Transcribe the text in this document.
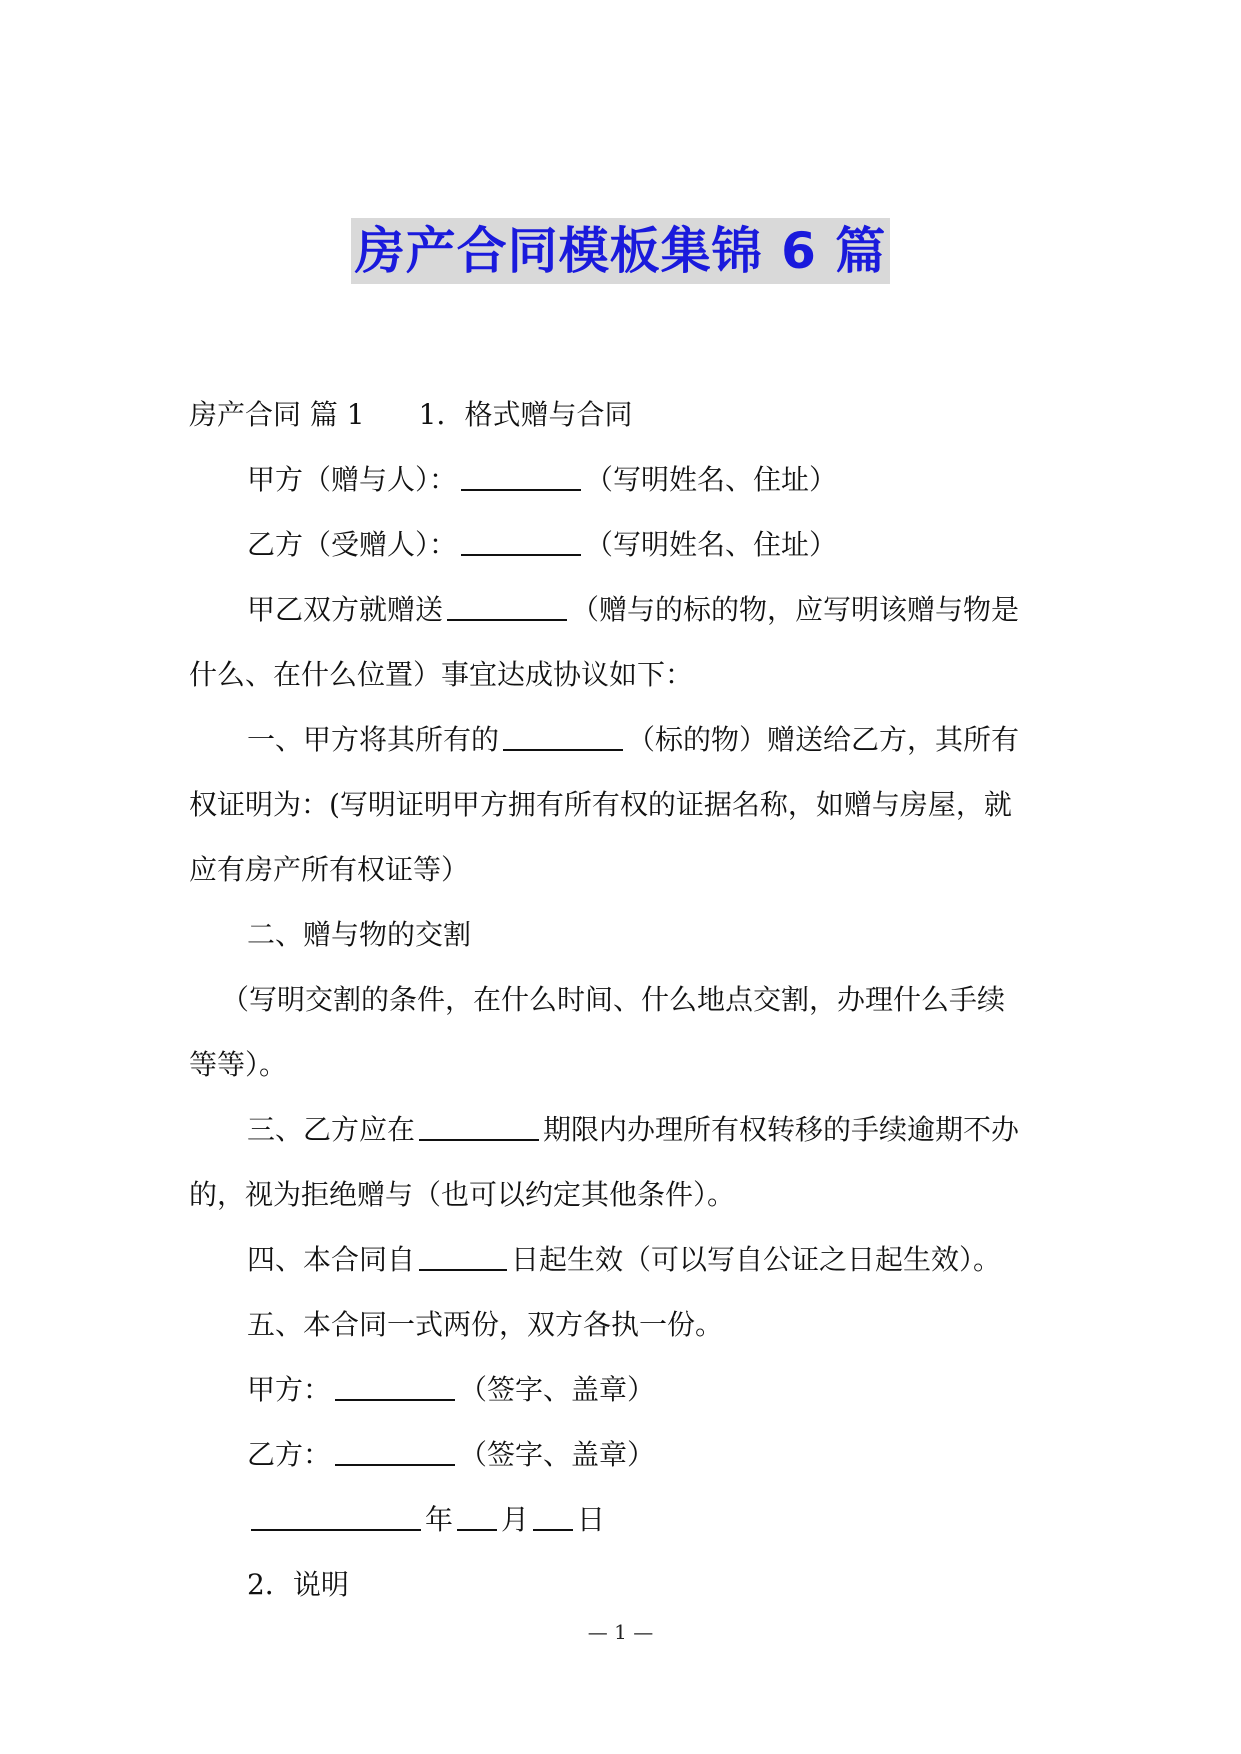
房产合同模板集锦 6 篇
房产合同 篇 1 1．格式赠与合同
甲方（赠与人）：	（写明姓名、住址）
乙方（受赠人）：	（写明姓名、住址）
甲乙双方就赠送	（赠与的标的物，应写明该赠与物是
什么、在什么位置）事宜达成协议如下：
一、甲方将其所有的	（标的物）赠送给乙方，其所有
权证明为：(写明证明甲方拥有所有权的证据名称，如赠与房屋，就
应有房产所有权证等）
二、赠与物的交割
（写明交割的条件，在什么时间、什么地点交割，办理什么手续
等等）。
三、乙方应在	期限内办理所有权转移的手续逾期不办
的，视为拒绝赠与（也可以约定其他条件）。
四、本合同自	日起生效（可以写自公证之日起生效）。
五、本合同一式两份，双方各执一份。
甲方：	（签字、盖章）
乙方：	（签字、盖章）
年 月 日
2．说明
— 1 —
